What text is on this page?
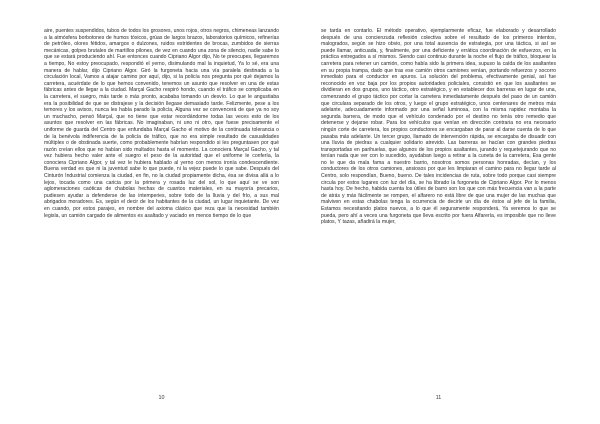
aire, puentes suspendidos, tubos de todos los grosores, unos rojos, otros negros, chimeneas lanzando a la atmósfera borbotones de humos tóxicos, grúas de largos brazos, laboratorios químicos, refinerías de petróleo, olores fétidos, amargos o dulzones, ruidos estridentes de brocas, zumbidos de sierras mecánicas, golpes brutales de martillos pilones, de vez en cuando una zona de silencio, nadie sabe lo que se estará produciendo ahí. Fue entonces cuando Cipriano Algor dijo, No te preocupes, llegaremos a tiempo, No estoy preocupado, respondió el yerno, disimulando mal la inquietud, Ya lo sé, era una manera de hablar, dijo Cipriano Algor. Giró la furgoneta hacia una vía paralela destinada a la circulación local, Vamos a atajar camino por aquí, dijo, si la policía nos pregunta por qué dejamos la carretera, acuérdate de lo que hemos convenido, tenemos un asunto que resolver en una de estas fábricas antes de llegar a la ciudad. Marçal Gacho respiró hondo, cuando el tráfico se complicaba en la carretera, el suegro, más tarde o más pronto, acababa tomando un desvío. Lo que le angustiaba era la posibilidad de que se distrajese y la decisión llegase demasiado tarde. Felizmente, pese a los temores y los avisos, nunca les había parado la policía, Alguna vez se convencerá de que ya no soy un muchacho, pensó Marçal, que no tiene que estar recordándome todas las veces esto de los asuntos que resolver en las fábricas. No imaginaban, ni uno ni otro, que fuese precisamente el uniforme de guarda del Centro que enfundaba Marçal Gacho el motivo de la continuada tolerancia o de la benévola indiferencia de la policía de tráfico, que no era simple resultado de casualidades múltiples o de obstinada suerte, como probablemente habrían respondido si les preguntasen por qué razón creían ellos que no habían sido multados hasta el momento. La conociera Marçal Gacho, y tal vez hubiera hecho valer ante el suegro el peso de la autoridad que el uniforme le confería, la conociera Cipriano Algor, y tal vez le hubiera hablado al yerno con menos ironía condescendiente. Buena verdad es que ni la juventud sabe lo que puede, ni la vejez puede lo que sabe. Después del Cinturón Industrial comienza la ciudad, en fin, no la ciudad propiamente dicha, ésa se divisa allá a lo lejos, tocada como una caricia por la primera y rosada luz del sol, lo que aquí se ve son aglomeraciones caóticas de chabolas hechas de cuantos materiales, en su mayoría precarios, pudiesen ayudar a defenderse de las intemperies, sobre todo de la lluvia y del frío, a sus mal abrigados moradores. Es, según el decir de los habitantes de la ciudad, un lugar inquietante. De vez en cuando, por estos parajes, en nombre del axioma clásico que reza que la necesidad también legisla, un camión cargado de alimentos es asaltado y vaciado en menos tiempo de lo que

10

se tarda en contarlo. El método operativo, ejemplarmente eficaz, fue elaborado y desarrollado después de una concienzuda reflexión colectiva sobre el resultado de los primeros intentos, malogrados, según se hizo obvio, por una total ausencia de estrategia, por una táctica, si así se puede llamar, anticuada, y, finalmente, por una deficiente y errática coordinación de esfuerzos, en la práctica entregados a sí mismos. Siendo casi continuo durante la noche el flujo de tráfico, bloquear la carretera para retener un camión, como había sido la primera idea, supuso la caída de los asaltantes en su propia trampa, dado que tras ese camión otros camiones venían, portando refuerzos y socorro inmediato para el conductor en apuros. La solución del problema, efectivamente genial, así fue reconocido en voz baja por los propios autoridades policiales, consistió en que los asaltantes se dividieran en dos grupos, uno táctico, otro estratégico, y en establecer dos barreras en lugar de una, comenzando el grupo táctico por cortar la carretera inmediatamente después del paso de un camión que circulara separado de los otros, y luego el grupo estratégico, unos centenares de metros más adelante, adecuadamente informado por una señal luminosa, con la misma rapidez montaba la segunda barrera, de modo que el vehículo condenado por el destino no tenía otro remedio que detenerse y dejarse robar. Para los vehículos que venían en dirección contraria no era necesario ningún corte de carretera, los propios conductores se encargaban de parar al darse cuenta de lo que pasaba más adelante. Un tercer grupo, llamado de intervención rápida, se encargaba de disuadir con una lluvia de piedras a cualquier solidario atrevido. Las barreras se hacían con grandes piedras transportadas en parihuelas, que algunos de los propios asaltantes, jurando y requetejurando que no tenían nada que ver con lo sucedido, ayudaban luego a retirar a la cuneta de la carretera, Esa gente no le que da mala fama a nuestro barrio, nosotros somos personas honradas, decían, y los conductores de los otros camiones, ansiosos por que les limpiaran el camino para no llegar tarde al Centro, solo respondían, Bueno, bueno. De tales incidencias de ruta, sobre todo porque casi siempre circula por estos lugares con luz del día, se ha librado la furgoneta de Cipriano Algor. Por lo menos hasta hoy. De hecho, habida cuenta los útiles de barro son los que con más frecuencia van a la parte de atrás y más fácilmente se rompen, el alfarero no está libre de que una mujer de las muchas que malviven en estas chabolas tenga la ocurrencia de decirle un día de éstos al jefe de la familia, Estamos necesitando platos nuevos, a lo que él seguramente responderá, Ya veremos lo que se pueda, pero ahí a veces una furgoneta que lleva escrito por fuera Alfarería, es imposible que no lleve platos, Y tazas, añadirá la mujer,

11
